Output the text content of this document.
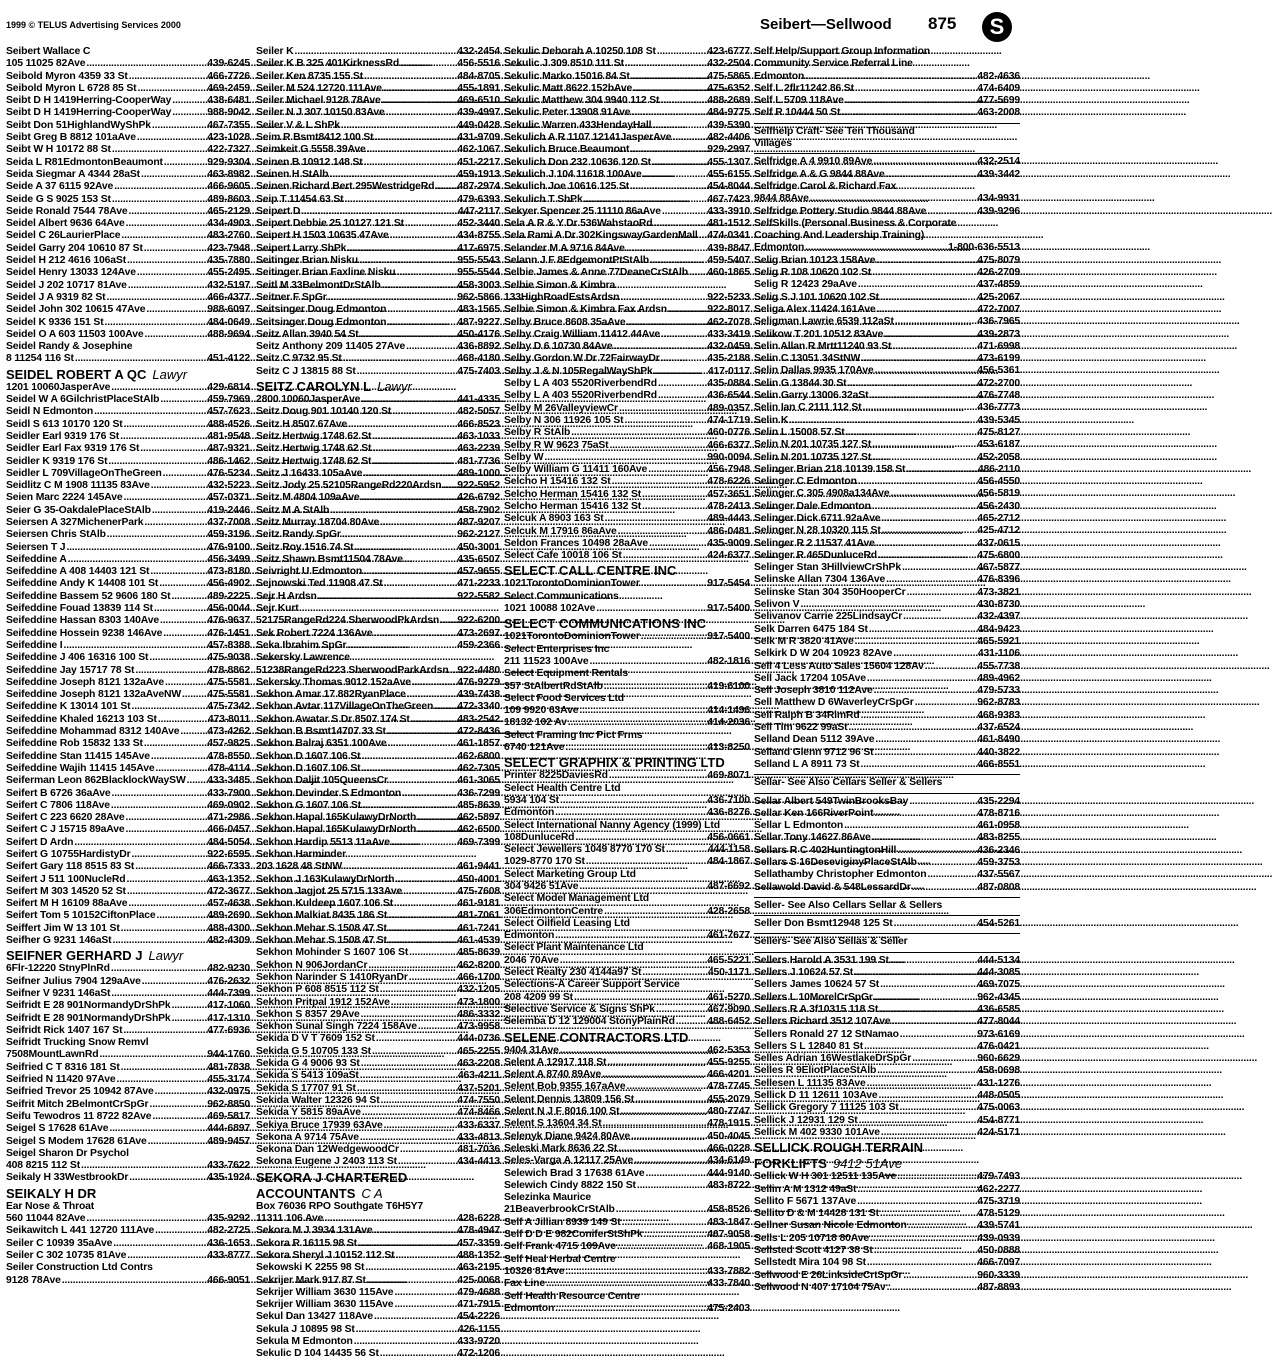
1999 © TELUS Advertising Services 2000	Seibert—Sellwood 875	S
Seibert Wallace C
105 11025 82Ave .....	439-6245
Seibold Myron 4359 33 St .....	466-7726
Seibold Myron L 6728 85 St .....	469-2459
Seibt D H 1419Herring-CooperWay .....	438-6481
Seibt D H 1419Herring-CooperWay .....	988-9042
Seibt Don 51HighlandWyShPk .....	467-7355
Seibt Greg B 8812 101aAve .....	423-1028
Seibt W H 10172 88 St .....	422-7327
Seida L R81EdmontonBeaumont .....	929-9304
Seida Siegmar A 4344 28aSt .....	463-8982
Seide A 37 6115 92Ave .....	466-9605
Seide G S 9025 153 St .....	489-8603
Seide Ronald 7544 78Ave .....	465-2129
Seidel Albert 9636 64Ave .....	434-4903
Seidel C 26LaurierPlace .....	483-2760
Seidel Garry 204 10610 87 St .....	423-7948
Seidel H 212 4616 106aSt .....	435-7880
Seidel Henry 13033 124Ave .....	455-2495
Seidel J 202 10717 81Ave .....	432-5197
Seidel J A 9319 82 St .....	466-4377
Seidel John 302 10615 47Ave .....	988-6097
Seidel K 9336 151 St .....	484-0649
Seidel O A 603 11503 100Ave .....	488-9694
Seidel Randy & Josephine
8 11254 116 St .....	451-4122
SEIDEL ROBERT A QC Lawyr
1201 10060JasperAve .....	429-6814
Seidel W A 6GilchristPlaceStAlb .....	459-7969
Seidl N Edmonton .....	457-7623
Seidl S 613 10170 120 St .....	488-4526
Seidler Earl 9319 176 St .....	481-9548
Seidler Earl Fax 9319 176 St .....	487-9321
Seidler K 9319 176 St .....	486-1462
Seidler L 709VillageOnTheGreen .....	476-5234
Seidlitz C M 1908 11135 83Ave .....	432-5223
Seien Marc 2224 145Ave .....	457-0371
Seier G 35-OakdalePlaceStAlb .....	419-2446
Seiersen A 327MichenerPark .....	437-7008
Seiersen Chris StAlb .....	459-3196
Seiersen T J .....	476-9100
Seifeddine A .....	456-3499
Seifeddine A 408 14403 121 St .....	473-8180
Seifeddine Andy K 14408 101 St .....	456-4902
Seifeddine Bassem 52 9606 180 St .....	489-2225
Seifeddine Fouad 13839 114 St .....	456-0044
Seifeddine Hassan 8303 140Ave .....	476-9637
Seifeddine Hossein 9238 146Ave .....	476-1451
Seifeddine I .....	457-8388
Seifeddine J 406 16316 100 St .....	475-9038
Seifeddine Jay 15717 78 St .....	478-8862
Seifeddine Joseph 8121 132aAve .....	475-5581
Seifeddine Joseph 8121 132aAveNW .....	475-5581
Seifeddine K 13014 101 St .....	475-7342
Seifeddine Khaled 16213 103 St .....	473-8011
Seifeddine Mohammad 8312 140Ave .....	473-4262
Seifeddine Rob 15832 133 St .....	457-9825
Seifeddine Stan 11415 145Ave .....	478-8550
Seifeddine Wajih 11415 145Ave .....	478-4114
Seiferman Leon 862BlacklockWaySW ..... 433-3485
Seifert B 6726 36aAve .....	433-7900
Seifert C 7806 118Ave .....	469-0902
Seifert C 223 6620 28Ave .....	471-2986
Seifert C J 15715 89aAve .....	466-0457
Seifert D Ardn .....	484-5054
Seifert G 10755HardistyDr .....	922-6595
Seifert Gary 118 8515 83 St .....	466-7333
Seifert J 511 100NucleRd .....	463-1352
Seifert M 303 14520 52 St .....	472-3677
Seifert M H 16109 88aAve .....	457-4638
Seifert Tom 5 10152CiftonPlace .....	489-2690
Seiffert Jim W 13 101 St .....	488-4300
Seifher G 9231 146aSt .....	482-4309
SEIFNER GERHARD J Lawyr
6Flr-12220 StnyPlnRd .....	482-9230
Seifner Julius 7904 129aAve .....	476-2632
Seifner V 9231 146aSt .....	444-7399
Seifridt E 28 901NormandyDrShPk .....	417-1060
Seifridt E 28 901NormandyDrShPk .....	417-1310
Seifridt Rick 1407 167 St .....	477-6936
Seifridt Trucking Snow Remvl
7508MountLawnRd .....	944-1760
Seifried C T 8316 181 St .....	481-7838
Seifried N 11420 97Ave .....	455-3174
Seifried Trevor 25 10942 87Ave .....	432-0975
Seifrit Mitch 2BelmontCrSpGr .....	962-8850
Seifu Tewodros 11 8722 82Ave .....	469-5817
Seigel S 17628 61Ave .....	444-6897
Seigel S Modem 17628 61Ave .....	489-9457
Seigel Sharon Dr Psychol
408 8215 112 St .....	433-7622
Seikaly H 33WestbrookDr .....	435-1924
SEIKALY H DR
Ear Nose & Throat
560 11044 82Ave .....	435-9292
Seikawitch L 441 12720 111Ave .....	482-2725
Seiler C 10939 35aAve .....	436-1653
Seiler C 302 10735 81Ave .....	433-8777
Seiler Construction Ltd Contrs
9128 78Ave .....	466-9051
Seiler K .....	432-2454
Seiler K B 325 401KirknessRd .....	456-5516
Seiler Ken 8735 155 St .....	484-8705
Seiler M 524 12720 111Ave .....	455-1891
Seiler Michael 9128 78Ave .....	469-6510
Seiler N J 307 10150 83Ave .....	439-4997
Seiler V & L ShPk .....	449-0428
Seim R Bsmt8412 100 St .....	431-9709
Seimkeit G 5558 39Ave .....	462-1067
Seinen B 10912 148 St .....	451-2217
Seinen H StAlb .....	459-1913
Seinen Richard Bert 295WestridgeRd ..... 487-2974
Seip T 11454 63 St .....	479-6393
Seipert D .....	447-2117
Seipert Debbie 25 10127 121 St .....	452-3440
Seipert H 1503 10635 47Ave .....	434-8755
Seipert Larry ShPk .....	417-6975
Seitinger Brian Nisku .....	955-5543
Seitinger Brian Faxline Nisku .....	955-5544
Seitl M 33BelmontDrStAlb .....	458-3003
Seitner F SpGr .....	962-5866
Seitsinger Doug Edmonton .....	483-1565
Seitsinger Doug Edmonton .....	487-9227
Seitz Allan 3940 54 St .....	450-4176
Seitz Anthony 209 11405 27Ave .....	436-8892
Seitz C 9732 95 St .....	468-4180
Seitz C J 13815 88 St .....	475-7403
SEITZ CAROLYN L Lawyr
2800 10060JasperAve .....	441-4335
Seitz Doug 901 10140 120 St .....	482-5057
Seitz H 8507 67Ave .....	466-8523
Seitz Hertwig 1748 62 St .....	463-1033
Seitz Hertwig 1748 62 St .....	463-2239
Seitz Hertwig 1748 62 St .....	481-7736
Seitz J 16433 105aAve .....	489-1000
Seitz Jody 25 52105RangeRd220Ardsn ..... 922-5952
Seitz M 4804 109aAve .....	426-6792
Seitz M A StAlb .....	458-7902
Seitz Murray 18704 80Ave .....	487-9207
Seitz Randy SpGr .....	962-2127
Seitz Roy 1516 74 St .....	450-3001
Seitz Shawn Bsmt11504 78Ave .....	435-6507
Seivright U Edmonton .....	457-9655
Sejnowski Ted 11908 47 St .....	471-2233
Sejr H Ardsn .....	922-5582
Sejr Kurt
52175RangeRd224 SherwoodPkArdsn ..... 922-6200
Sek Robert 7224 136Ave .....	473-2697
Seka Ibrahim SpGr .....	459-2366
Sekersky Lawrence
51238RangeRd223 SherwoodParkArdsn ..... 922-4480
Sekersky Thomas 9012 152aAve .....	476-9279
Sekhon Amar 17 882RyanPlace .....	439-7438
Sekhon Avtar 117VillageOnTheGreen ..... 472-3340
Sekhon Awatar S Dr 8507 174 St .....	483-2542
Sekhon B Bsmt14707 33 St .....	472-8436
Sekhon Balraj 6351 100Ave .....	461-1857
Sekhon D 1607 106 St .....	462-6800
Sekhon D 1607 106 St .....	462-7305
Sekhon Daljit 105QueensCr .....	461-3065
Sekhon Devinder S Edmonton .....	436-7299
Sekhon G 1607 106 St .....	485-8639
Sekhon Hapal 165KulawyDrNorth .....	462-5897
Sekhon Hapal 165KulawyDrNorth .....	462-6500
Sekhon Hardip 5513 11aAve .....	469-7399
Sekhon Harminder
203 1628 48 StNW .....	461-9441
Sekhon J 163KulawyDrNorth .....	450-4001
Sekhon Jagjot 25 5715 133Ave .....	475-7608
Sekhon Kuldeep 1607 106 St .....	461-9181
Sekhon Malkiat 8435 186 St .....	481-7061
Sekhon Mehar S 1508 47 St .....	461-7241
Sekhon Mehar S 1508 47 St .....	461-4539
Sekhon Mohinder S 1607 106 St .....	485-8639
Sekhon N 906JordanCr .....	462-8200
Sekhon Narinder S 1410RyanDr .....	466-1700
Sekhon P 608 8515 112 St .....	432-1205
Sekhon Pritpal 1912 152Ave .....	473-1800
Sekhon S 8357 29Ave .....	486-3332
Sekhon Sunal Singh 7224 158Ave .....	473-9958
Sekida D V T 7609 152 St .....	444-0736
Sekida G 5 10705 133 St .....	465-2255
Sekida G 4 9006 93 St .....	463-2208
Sekida S 5413 109aSt .....	463-4211
Sekida S 17707 91 St .....	437-5201
Sekida Walter 12326 94 St .....	474-7550
Sekida Y 5815 89aAve .....	474-8466
Sekiya Bruce 17939 63Ave .....	433-6337
Sekona A 9714 75Ave .....	433-4813
Sekona Dan 12WedgewoodCr .....	481-7036
Sekona Eugene J 2403 113 St .....	434-4413
SEKORA J CHARTERED
ACCOUNTANTS C A
Box 76036 RPO Southgate T6H5Y7
11311 106 Ave .....	428-6228
Sekora M J 3934 131Ave .....	478-4947
Sekora R 16115 98 St .....	457-3359
Sekora Sheryl J 10152 112 St .....	488-1352
Sekowski K 2255 98 St .....	463-2195
Sekrijer Mark 917 87 St .....	425-0068
Sekrijer William 3630 115Ave .....	479-4688
Sekrijer William 3630 115Ave .....	471-7915
Sekul Dan 13427 118Ave .....	454-2226
Sekula J 10895 98 St .....	426-1155
Sekula M Edmonton .....	433-9720
Sekulic D 104 14435 56 St .....	472-1206
Sekulic Deborah A 10250 108 St .....	423-6777
Sekulic J 309 8510 111 St .....	432-2504
Sekulic Marko 15016 84 St .....	475-5865
Sekulic Matt 8622 152bAve .....	475-6352
Sekulic Matthew 304 9940 112 St .....	488-2689
Sekulic Peter 13908 91Ave .....	484-9775
Sekulic Warren 433HendayHall .....	439-5390
Sekulich A R 1107 12141JasperAve .....	482-4406
Sekulich Bruce Beaumont .....	929-2997
Sekulich Don 232 10636 120 St .....	455-1307
Sekulich J 104 11618 100Ave .....	455-6155
Sekulich Joe 10616 125 St .....	454-8044
Sekulich T ShPk .....	467-7423
Sekyer Spencer 25 11110 86aAve .....	433-3910
Sela A R & Y Dr 536WahstaoRd .....	481-1512
Sela Rami A Dr 302KingswayGardenMall ..... 474-0341
Selander M A 9716 84Ave .....	439-8847
Selann J F 8EdgemontPtStAlb .....	459-5407
Selbie James & Anne 77DeaneCrStAlb ..... 460-1865
Selbie Simon & Kimbra
133HighRoadEstsArdsn .....	922-5233
Selbie Simon & Kimbra Fax Ardsn .....	922-8017
Selby Bruce 8608 35aAve .....	462-7078
Selby Craig William 11412 44Ave .....	433-3419
Selby D 6 10730 84Ave .....	432-0459
Selby Gordon W Dr 72FairwayDr .....	435-2188
Selby J & N 105RegalWayShPk .....	417-0117
Selby L A 403 5520RiverbendRd .....	435-0884
Selby L A 403 5520RiverbendRd .....	436-6544
Selby M 26ValleyviewCr .....	489-0357
Selby N 306 11926 105 St .....	474-1719
Selby R StAlb .....	460-0776
Selby R W 9623 75aSt .....	466-6377
Selby W .....	990-0094
Selby William G 11411 160Ave .....	456-7948
Selcho H 15416 132 St .....	478-6226
Selcho Herman 15416 132 St .....	457-3651
Selcho Herman 15416 132 St .....	478-2413
Selcuk A 8903 163 St .....	489-4443
Selcuk M 17916 86aAve .....	486-0481
Seldon Frances 10498 28aAve .....	435-9009
Select Cafe 10018 106 St .....	424-6377
SELECT CALL CENTRE INC
1021TorontoDominionTower .....	917-5454
Select Communications
1021 10088 102Ave .....	917-5400
SELECT COMMUNICATIONS INC
1021TorontoDominionTower .....	917-5400
Select Enterprises Inc
211 11523 100Ave .....	482-1816
Select Equipment Rentals
357 StAlbertRdStAlb .....	419-6100
Select Food Services Ltd
109 9920 63Ave .....	414-1496
18132 102 Av .....	414-2036
Select Framing Inc Pict Frms
6740 121Ave .....	413-8250
SELECT GRAPHIX & PRINTING LTD
Printer 8225DaviesRd .....	469-8071
Select Health Centre Ltd
5934 104 St .....	436-7100
Edmonton .....	436-8276
Select International Nanny Agency (1999) Ltd
108DunluceRd .....	456-0661
Select Jewellers 1049 8770 170 St .....	444-1158
1029-8770 170 St .....	484-1867
Select Marketing Group Ltd
304 9426 51Ave .....	487-6692
Select Model Management Ltd
306EdmontonCentre .....	428-2658
Select Oilfield Leasing Ltd
Edmonton .....	461-7677
Select Plant Maintenance Ltd
2046 70Ave .....	465-5221
Select Realty 230 4144a97 St .....	450-1171
Selections-A Career Support Service
208 4209 99 St .....	461-5270
Selective Service & Signs ShPk .....	467-9090
Selemba D 12 129004 StonyPlainRd .....	488-6452
SELENE CONTRACTORS LTD
9404 31Ave .....	462-5353
Selent A 12917 118 St .....	455-9255
Selent A 8740 89Ave .....	466-4201
Selent Bob 9355 167aAve .....	478-7745
Selent Dennis 13809 156 St .....	455-2079
Selent N J F 8016 100 St .....	480-7747
Selent S 13604 34 St .....	478-1915
Selenyk Diane 9424 80Ave .....	450-4045
Seleski Mark 8636 22 St .....	466-0228
Seles-Varga A 12117 25Ave .....	434-6149
Selewich Brad 3 17638 61Ave .....	444-9140
Selewich Cindy 8822 150 St .....	483-8722
Selezinka Maurice
21BeaverbrookCrStAlb .....	458-8526
Self A Jillian 8939 149 St .....	483-1847
Self D D E 982ConiferStShPk .....	467-9058
Self Frank 4715 109Ave .....	468-1905
Self Heal Herbal Centre
10326 81Ave .....	433-7882
Fax Line .....	433-7840
Self Health Resource Centre
Edmonton .....	475-2403
Self Help/Support Group Information
Community Service Referral Line
Edmonton .....	482-4636
Self L 2flr11242 86 St .....	474-6409
Self L 5709 118Ave .....	477-5699
Self R 10444 50 St .....	463-2008
Selfhelp Craft- See Ten Thousand
Villages
Selfridge A 4 9910 89Ave .....	432-2514
Selfridge A & G 9844 88Ave .....	439-3442
Selfridge Carol & Richard Fax
9844 88Ave .....	434-9931
Selfridge Pottery Studio 9844 88Ave .....	439-9296
SelfSkills (Personal Business & Corporate
Coaching And Leadership Training)
Edmonton .....	1-800-636-5513
Selig Brian 10123 158Ave .....	475-8079
Selig R 108 10620 102 St .....	426-2709
Selig R 12423 29aAve .....	437-4859
Selig S J 101 10620 102 St .....	425-2067
Seliga Alex 11424 161Ave .....	472-7007
Seligman Lawrie 6539 112aSt .....	436-7965
Selikow T 201 10512 83Ave .....	439-2873
Selin Allan R Mrtt11240 93 St .....	471-6998
Selin C 13051 34StNW .....	473-6199
Selin Dallas 9935 170Ave .....	456-5361
Selin G 13844 30 St .....	472-2700
Selin Garry 13006 32aSt .....	476-7748
Selin Ian C 2111 112 St .....	436-7773
Selin K .....	439-5345
Selin L 15008 57 St .....	475-8127
Selin N 201 10735 127 St .....	453-6187
Selin N 201 10735 127 St .....	452-2058
Selinger Brian 218 10139 158 St .....	486-2110
Selinger C Edmonton .....	456-4550
Selinger C 305 4908a134Ave .....	456-5819
Selinger Dale Edmonton .....	456-2430
Selinger Dick 6711 92aAve .....	465-2712
Selinger N 28 10320 115 St .....	425-4712
Selinger R 2 11537 41Ave .....	437-0615
Selinger R 465DunluceRd .....	475-6800
Selinger Stan 3HillviewCrShPk .....	467-5877
Selinske Allan 7304 136Ave .....	476-8396
Selinske Stan 304 350HooperCr .....	473-3821
Selivon V .....	430-8730
Selivanov Carrie 225LindsayCr .....	432-4397
Selk Darren 6475 184 St .....	484-9423
Selk M R 3820 41Ave .....	465-5921
Selkirk D W 204 10923 82Ave .....	431-1106
Sell 4 Less Auto Sales 15604 128Av .....	455-7738
Sell Jack 17204 105Ave .....	489-4962
Sell Joseph 3810 112Ave .....	479-5733
Sell Matthew D 6WaverleyCrSpGr .....	962-8783
Sell Ralph B 34RimRd .....	468-9383
Sell Tim 9622 99aSt .....	437-6524
Selland Dean 5112 39Ave .....	461-8490
Selland Glenn 9712 96 St .....	440-3822
Selland L A 8911 73 St .....	466-8551
Sellar- See Also Cellars Seller & Sellers
Sellar Albert 549TwinBrooksBay .....	435-2294
Sellar Ken 166RiverPoint .....	478-8716
Sellar L Edmonton .....	461-0958
Sellar Tony 14627 86Ave .....	483-8255
Sellars R C 402HuntingtonHill .....	436-2346
Sellars S 16DeseviginyPlaceStAlb .....	459-3753
Sellathamby Christopher Edmonton .....	437-5567
Sellawold David & 548LessardDr .....	487-0808
Seller- See Also Cellars Sellar & Sellers
Seller Don Bsmt12948 125 St .....	454-5261
Sellers- See Also Sellas & Seller
Sellers Harold A 3531 199 St .....	444-5134
Sellers J 10624 57 St .....	444-3085
Sellers James 10624 57 St .....	469-7075
Sellers L 10MorelCrSpGr .....	962-4345
Sellers R A 3f10315 118 St .....	436-6585
Sellers Richard 3512 107Ave .....	477-8044
Sellers Ronald 27 12 StNamao .....	973-6169
Sellers S L 12840 81 St .....	476-0421
Selles Adrian 16WestlakeDrSpGr .....	960-6629
Selles R 9EliotPlaceStAlb .....	458-0698
Sellesen L 11135 83Ave .....	431-1276
Sellick D 11 12611 103Ave .....	448-0505
Sellick Gregory 7 11125 103 St .....	475-0063
Sellick J 12931 129 St .....	454-8771
Sellick M 402 9330 101Ave .....	424-5171
SELLICK ROUGH TERRAIN
FORKLIFTS 9412 51Ave
Sellick W H 301 12511 135Ave .....	479-7493
Sellin A M 1312 49aSt .....	462-2277
Sellito F 5671 137Ave .....	475-3719
Sellito D & M 14428 131 St .....	478-5129
Sellner Susan Nicole Edmonton .....	439-5741
Sells L 205 10718 80Ave .....	439-0939
Sellsted Scott 4127 38 St .....	450-0888
Sellstedt Mira 104 98 St .....	466-7097
Sellwood E 26LinksideCrtSpGr .....	960-3339
Sellwood N 407 17104 75Av .....	487-8893
